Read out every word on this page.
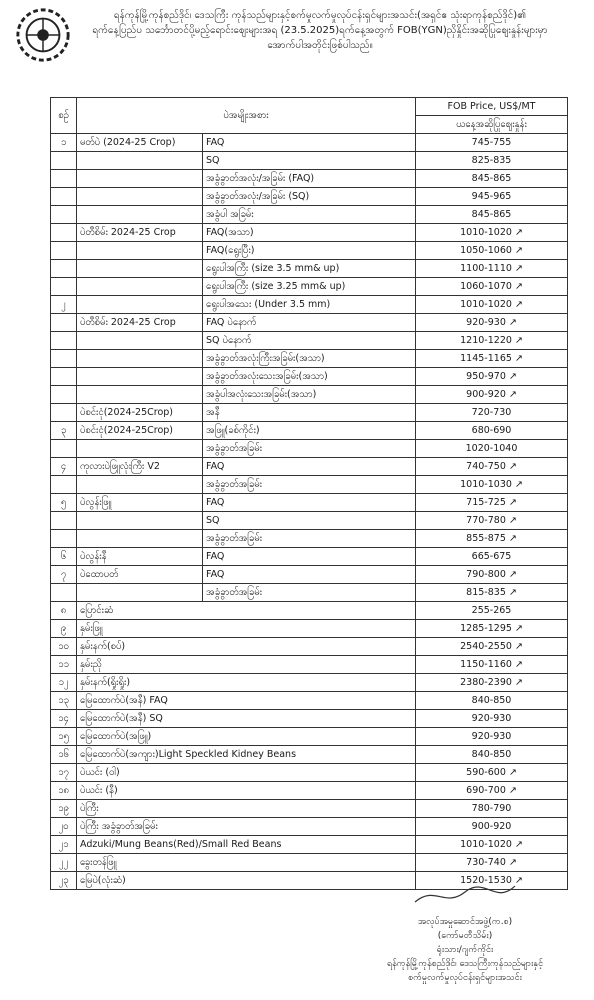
ရန်ကုန်မြို့ကုန်စည်ဒိုင်၊ ဒေသကြီး ကုန်သည်များနှင့်စက်မှုလက်မှုလုပ်ငန်းရှင်များအသင်း(အရှင်ဧ သုံးရာကုန်စည်ဒိုင်)၏
ရက်နေ့ပြည်ပ သင်္ဘောတင်ပို့မည့်ရောင်းဈေးများအရ (23.5.2025)ရက်နေ့အတွက် FOB(YGN)ညှိနှိုင်းအဆိုပြုဈေးနှုန်းများမှာ
အောက်ပါအတိုင်းဖြစ်ပါသည်။
စဉ်	ပဲအမျိုးအစား		FOB Price, US$/MT
			ယနေ့အဆိုပြုဈေးနှုန်း
၁	မတ်ပဲ (2024-25 Crop)	FAQ	745-755
		SQ	825-835
		အခွံခွာတ်အလုံး/အခြမ်း (FAQ)	845-865
		အခွံခွာတ်အလုံး/အခြမ်း (SQ)	945-965
		အခွံပါ အခြမ်း	845-865
	ပဲတီစိမ်း 2024-25 Crop	FAQ(အသာ)	1010-1020 ↗
		FAQ(ရွေးပြီး)	1050-1060 ↗
		ရွေးပါအကြီး (size 3.5 mm& up)	1100-1110 ↗
		ရွေးပါအကြီး (size 3.25 mm& up)	1060-1070 ↗
၂		ရွေးပါအသေး (Under 3.5 mm)	1010-1020 ↗
	ပဲတီစိမ်း 2024-25 Crop	FAQ ပဲနောက်	920-930 ↗
		SQ ပဲနောက်	1210-1220 ↗
		အခွံခွာတ်အလုံးကြီးအခြမ်း(အသာ)	1145-1165 ↗
		အခွံခွာတ်အလုံးသေးအခြမ်း(အသာ)	950-970 ↗
		အခွံပါအလုံးသေးအခြမ်း(အသာ)	900-920 ↗
	ပဲစင်းငုံ(2024-25Crop)	အနီ	720-730
၃	ပဲစင်းငုံ(2024-25Crop)	အဖြူ(ခစ်ကိုင်း)	680-690
		အခွံခွာတ်အခြမ်း	1020-1040
၄	ကုလားပဲဖြူလုံးကြီး V2	FAQ	740-750 ↗
		အခွံခွာတ်အခြမ်း	1010-1030 ↗
၅	ပဲလွန်းဖြူ	FAQ	715-725 ↗
		SQ	770-780 ↗
		အခွံခွာတ်အခြမ်း	855-875 ↗
၆	ပဲလွန်းနီ	FAQ	665-675
၇	ပဲထောပတ်	FAQ	790-800 ↗
		အခွံခွာတ်အခြမ်း	815-835 ↗
၈	ပြောင်းဆံ		255-265
၉	နှမ်းဖြူ		1285-1295 ↗
၁၀	နှမ်းနက်(စပ်)		2540-2550 ↗
၁၁	နှမ်းညို		1150-1160 ↗
၁၂	နှမ်းနက်(ရှိုးရှိုး)		2380-2390 ↗
၁၃	မြေထောက်ပဲ(အနီ) FAQ		840-850
၁၄	မြေထောက်ပဲ(အနီ) SQ		920-930
၁၅	မြေထောက်ပဲ(အဖြူ)		920-930
၁၆	မြေထောက်ပဲ(အကျား)Light Speckled Kidney Beans		840-850
၁၇	ပဲယင်း (ဝါ)		590-600 ↗
၁၈	ပဲယင်း (နီ)		690-700 ↗
၁၉	ပဲကြီး		780-790
၂၀	ပဲကြီး အခွံခွာတ်အခြမ်း		900-920
၂၁	Adzuki/Mung Beans(Red)/Small Red Beans		1010-1020 ↗
၂၂	ခွေးတန်ဖြူ		730-740 ↗
၂၃	မြေပဲ(လုံးဆံ)		1520-1530 ↗
အလုပ်အမှုဆောင်အဖွဲ့(က.စ)
(ကော်မတီသိမ်း)
ရုံးသား/ဂျက်ကိုင်း
ရန်ကုန်မြို့ကုန်စည်ဒိုင်၊ ဒေသကြီးကုန်သည်များနှင့်
စက်မှုလက်မှုလုပ်ငန်းရှင်များအသင်း
